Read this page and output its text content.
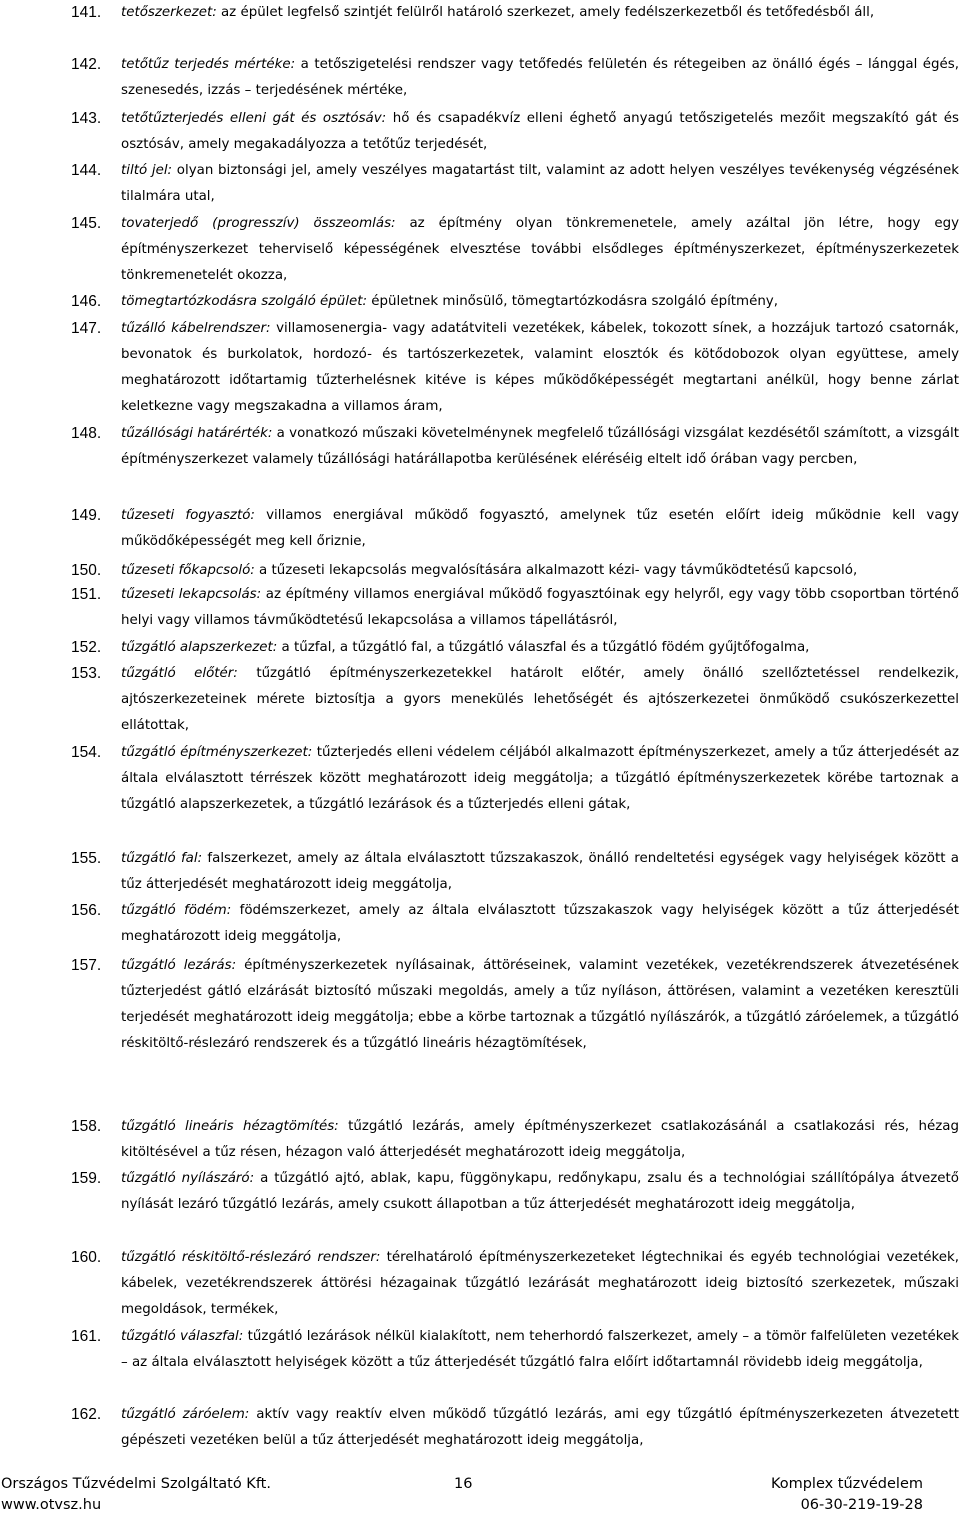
141. tetőszerkezet: az épület legfelső szintjét felülről határoló szerkezet, amely fedélszerkezetből és tetőfedésből áll,

142. tetőtűz terjedés mértéke: a tetőszigetelési rendszer vagy tetőfedés felületén és rétegeiben az önálló égés – lánggal égés, szenesedés, izzás – terjedésének mértéke,

143. tetőtűzterjedés elleni gát és osztósáv: hő és csapadékvíz elleni éghető anyagú tetőszigetelés mezőit megszakító gát és osztósáv, amely megakadályozza a tetőtűz terjedését,

144. tiltó jel: olyan biztonsági jel, amely veszélyes magatartást tilt, valamint az adott helyen veszélyes tevékenység végzésének tilalmára utal,

145. tovaterjedő (progresszív) összeomlás: az építmény olyan tönkremenetele, amely azáltal jön létre, hogy egy építményszerkezet teherviselő képességének elvesztése további elsődleges építményszerkezet, építményszerkezetek tönkremenetelét okozza,

146. tömegtartózkodásra szolgáló épület: épületnek minősülő, tömegtartózkodásra szolgáló építmény,

147. tűzálló kábelrendszer: villamosenergia- vagy adatátviteli vezetékek, kábelek, tokozott sínek, a hozzájuk tartozó csatornák, bevonatok és burkolatok, hordozó- és tartószerkezetek, valamint elosztók és kötődobozok olyan együttese, amely meghatározott időtartamig tűzterhelésnek kitéve is képes működőképességét megtartani anélkül, hogy benne zárlat keletkezne vagy megszakadna a villamos áram,

148. tűzállósági határérték: a vonatkozó műszaki követelménynek megfelelő tűzállósági vizsgálat kezdésétől számított, a vizsgált építményszerkezet valamely tűzállósági határállapotba kerülésének eléréséig eltelt idő órában vagy percben,

149. tűzeseti fogyasztó: villamos energiával működő fogyasztó, amelynek tűz esetén előírt ideig működnie kell vagy működőképességét meg kell őriznie,

150. tűzeseti főkapcsoló: a tűzeseti lekapcsolás megvalósítására alkalmazott kézi- vagy távműködtetésű kapcsoló,

151. tűzeseti lekapcsolás: az építmény villamos energiával működő fogyasztóinak egy helyről, egy vagy több csoportban történő helyi vagy villamos távműködtetésű lekapcsolása a villamos tápellátásról,

152. tűzgátló alapszerkezet: a tűzfal, a tűzgátló fal, a tűzgátló válaszfal és a tűzgátló födém gyűjtőfogalma,

153. tűzgátló előtér: tűzgátló építményszerkezetekkel határolt előtér, amely önálló szellőztetéssel rendelkezik, ajtószerkezeteinek mérete biztosítja a gyors menekülés lehetőségét és ajtószerkezetei önműködő csukószerkezettel ellátottak,

154. tűzgátló építményszerkezet: tűzterjedés elleni védelem céljából alkalmazott építményszerkezet, amely a tűz átterjedését az általa elválasztott térrészek között meghatározott ideig meggátolja; a tűzgátló építményszerkezetek körébe tartoznak a tűzgátló alapszerkezetek, a tűzgátló lezárások és a tűzterjedés elleni gátak,

155. tűzgátló fal: falszerkezet, amely az általa elválasztott tűzszakaszok, önálló rendeltetési egységek vagy helyiségek között a tűz átterjedését meghatározott ideig meggátolja,

156. tűzgátló födém: födémszerkezet, amely az általa elválasztott tűzszakaszok vagy helyiségek között a tűz átterjedését meghatározott ideig meggátolja,

157. tűzgátló lezárás: építményszerkezetek nyílásainak, áttöréseinek, valamint vezetékek, vezetékrendszerek átvezetésének tűzterjedést gátló elzárását biztosító műszaki megoldás, amely a tűz nyíláson, áttörésen, valamint a vezetéken keresztüli terjedését meghatározott ideig meggátolja; ebbe a körbe tartoznak a tűzgátló nyílászárók, a tűzgátló záróelemek, a tűzgátló réskitöltő-réslezáró rendszerek és a tűzgátló lineáris hézagtömítések,

158. tűzgátló lineáris hézagtömítés: tűzgátló lezárás, amely építményszerkezet csatlakozásánál a csatlakozási rés, hézag kitöltésével a tűz résen, hézagon való átterjedését meghatározott ideig meggátolja,

159. tűzgátló nyílászáró: a tűzgátló ajtó, ablak, kapu, függönykapu, redőnykapu, zsalu és a technológiai szállítópálya átvezető nyílását lezáró tűzgátló lezárás, amely csukott állapotban a tűz átterjedését meghatározott ideig meggátolja,

160. tűzgátló réskitöltő-réslezáró rendszer: térelhatároló építményszerkezeteket légtechnikai és egyéb technológiai vezetékek, kábelek, vezetékrendszerek áttörési hézagainak tűzgátló lezárását meghatározott ideig biztosító szerkezetek, műszaki megoldások, termékek,

161. tűzgátló válaszfal: tűzgátló lezárások nélkül kialakított, nem teherhordó falszerkezet, amely – a tömör falfelületen vezetékek – az általa elválasztott helyiségek között a tűz átterjedését tűzgátló falra előírt időtartamnál rövidebb ideig meggátolja,

162. tűzgátló záróelem: aktív vagy reaktív elven működő tűzgátló lezárás, ami egy tűzgátló építményszerkezeten átvezetett gépészeti vezetéken belül a tűz átterjedését meghatározott ideig meggátolja,

Országos Tűzvédelmi Szolgáltató Kft.
www.otvsz.hu
16	Komplex tűzvédelem
06-30-219-19-28
